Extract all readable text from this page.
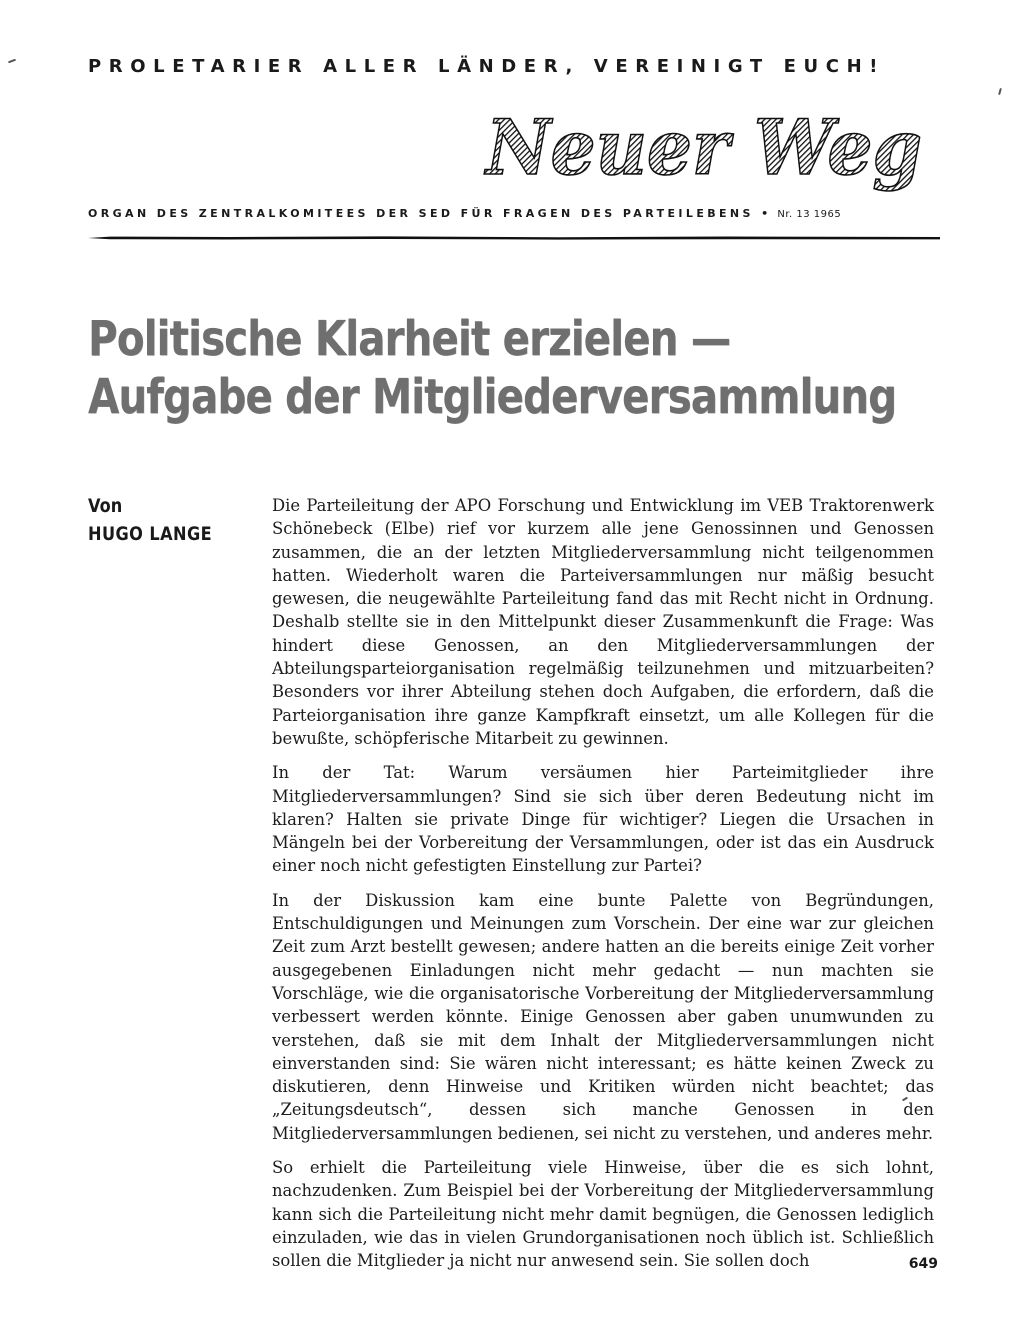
PROLETARIER ALLER LÄNDER, VEREINIGT EUCH!
Neuer Weg
ORGAN DES ZENTRALKOMITEES DER SED FÜR FRAGEN DES PARTEILEBENS • Nr. 13 1965
Politische Klarheit erzielen —
Aufgabe der Mitgliederversammlung
Von
HUGO LANGE

Die Parteileitung der APO Forschung und Entwicklung im VEB Traktorenwerk Schönebeck (Elbe) rief vor kurzem alle jene Genossinnen und Genossen zusammen, die an der letzten Mitgliederversammlung nicht teilgenommen hatten. Wiederholt waren die Parteiversammlungen nur mäßig besucht gewesen, die neugewählte Parteileitung fand das mit Recht nicht in Ordnung. Deshalb stellte sie in den Mittelpunkt dieser Zusammenkunft die Frage: Was hindert diese Genossen, an den Mitgliederversammlungen der Abteilungsparteiorganisation regelmäßig teilzunehmen und mitzuarbeiten? Besonders vor ihrer Abteilung stehen doch Aufgaben, die erfordern, daß die Parteiorganisation ihre ganze Kampfkraft einsetzt, um alle Kollegen für die bewußte, schöpferische Mitarbeit zu gewinnen.

In der Tat: Warum versäumen hier Parteimitglieder ihre Mitgliederversammlungen? Sind sie sich über deren Bedeutung nicht im klaren? Halten sie private Dinge für wichtiger? Liegen die Ursachen in Mängeln bei der Vorbereitung der Versammlungen, oder ist das ein Ausdruck einer noch nicht gefestigten Einstellung zur Partei?

In der Diskussion kam eine bunte Palette von Begründungen, Entschuldigungen und Meinungen zum Vorschein. Der eine war zur gleichen Zeit zum Arzt bestellt gewesen; andere hatten an die bereits einige Zeit vorher ausgegebenen Einladungen nicht mehr gedacht — nun machten sie Vorschläge, wie die organisatorische Vorbereitung der Mitgliederversammlung verbessert werden könnte. Einige Genossen aber gaben unumwunden zu verstehen, daß sie mit dem Inhalt der Mitgliederversammlungen nicht einverstanden sind: Sie wären nicht interessant; es hätte keinen Zweck zu diskutieren, denn Hinweise und Kritiken würden nicht beachtet; das „Zeitungsdeutsch“, dessen sich manche Genossen in den Mitgliederversammlungen bedienen, sei nicht zu verstehen, und anderes mehr.

So erhielt die Parteileitung viele Hinweise, über die es sich lohnt, nachzudenken. Zum Beispiel bei der Vorbereitung der Mitgliederversammlung kann sich die Parteileitung nicht mehr damit begnügen, die Genossen lediglich einzuladen, wie das in vielen Grundorganisationen noch üblich ist. Schließlich sollen die Mitglieder ja nicht nur anwesend sein. Sie sollen doch	649
